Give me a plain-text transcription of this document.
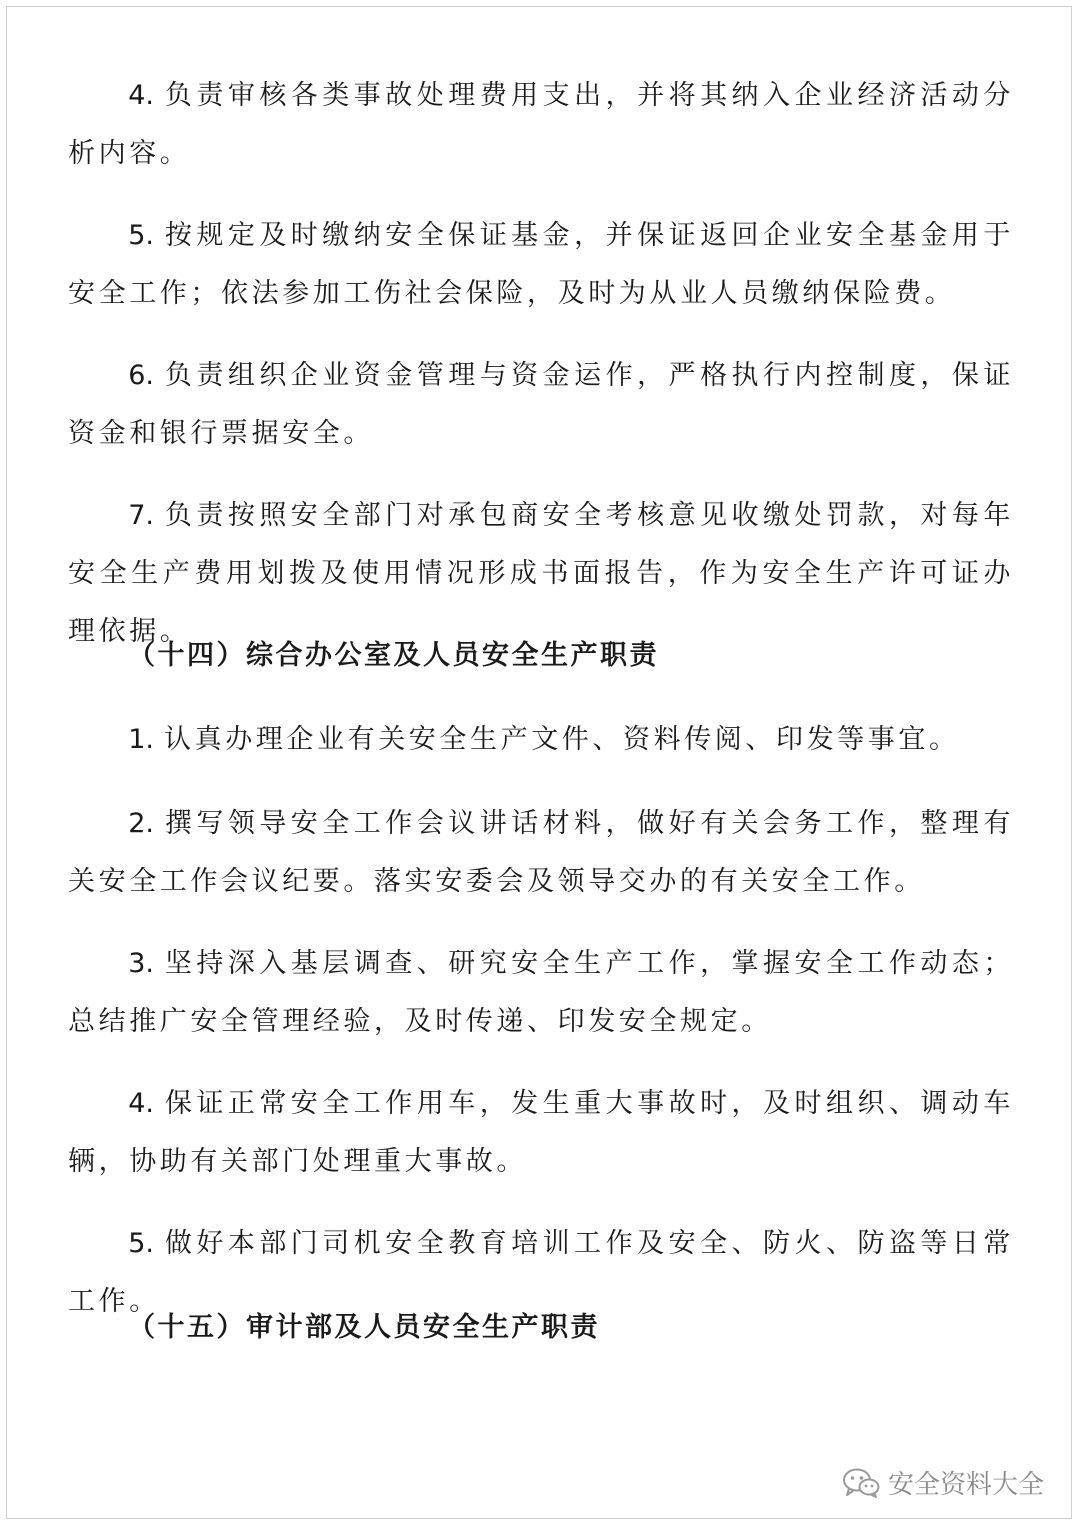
4. 负责审核各类事故处理费用支出，并将其纳入企业经济活动分析内容。

5. 按规定及时缴纳安全保证基金，并保证返回企业安全基金用于安全工作；依法参加工伤社会保险，及时为从业人员缴纳保险费。

6. 负责组织企业资金管理与资金运作，严格执行内控制度，保证资金和银行票据安全。

7. 负责按照安全部门对承包商安全考核意见收缴处罚款，对每年安全生产费用划拨及使用情况形成书面报告，作为安全生产许可证办理依据。

（十四）综合办公室及人员安全生产职责

1. 认真办理企业有关安全生产文件、资料传阅、印发等事宜。

2. 撰写领导安全工作会议讲话材料，做好有关会务工作，整理有关安全工作会议纪要。落实安委会及领导交办的有关安全工作。

3. 坚持深入基层调查、研究安全生产工作，掌握安全工作动态；总结推广安全管理经验，及时传递、印发安全规定。

4. 保证正常安全工作用车，发生重大事故时，及时组织、调动车辆，协助有关部门处理重大事故。

5. 做好本部门司机安全教育培训工作及安全、防火、防盗等日常工作。

（十五）审计部及人员安全生产职责

安全资料大全
